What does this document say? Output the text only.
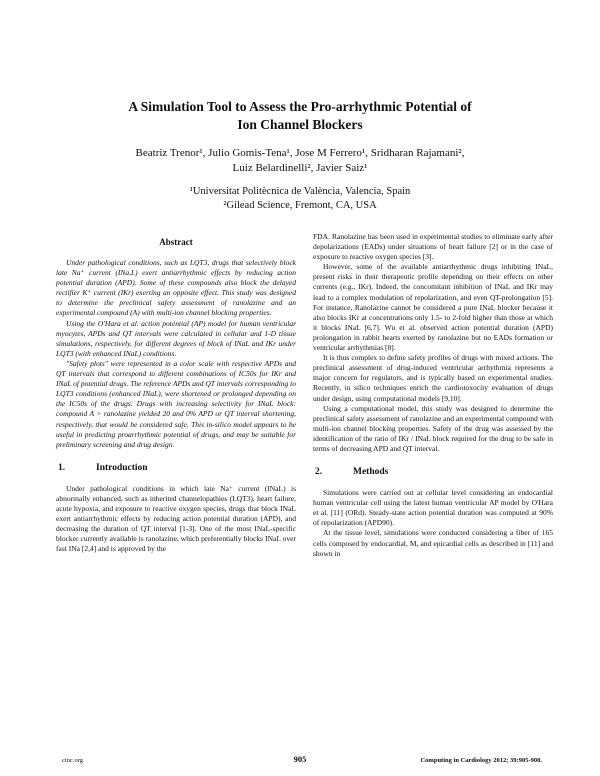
A Simulation Tool to Assess the Pro-arrhythmic Potential of
Ion Channel Blockers
Beatriz Trenor¹, Julio Gomis-Tena¹, Jose M Ferrero¹, Sridharan Rajamani²,
Luiz Belardinelli², Javier Saiz¹
¹Universitat Politècnica de València, Valencia, Spain
²Gilead Science, Fremont, CA, USA
Abstract

Under pathological conditions, such as LQT3, drugs that selectively block late Na⁺ current (INa,L) exert antiarrhythmic effects by reducing action potential duration (APD). Some of these compounds also block the delayed rectifier K⁺ current (IKr) exerting an opposite effect. This study was designed to determine the preclinical safety assessment of ranolazine and an experimental compound (A) with multi-ion channel blocking properties.

Using the O'Hara et al. action potential (AP) model for human ventricular myocytes, APDs and QT intervals were calculated in cellular and 1-D tissue simulations, respectively, for different degrees of block of INaL and IKr under LQT3 (with enhanced INaL) conditions.

"Safety plots" were represented in a color scale with respective APDs and QT intervals that correspond to different combinations of IC50s for IKr and INaL of potential drugs. The reference APDs and QT intervals corresponding to LQT3 conditions (enhanced INaL), were shortened or prolonged depending on the IC50s of the drugs. Drugs with increasing selectivity for INaL block: compound A > ranolazine yielded 20 and 0% APD or QT interval shortening, respectively, that would be considered safe. This in-silico model appears to be useful in predicting proarrhythmic potential of drugs, and may be suitable for preliminary screening and drug design.

1.	Introduction

Under pathological conditions in which late Na⁺ current (INaL) is abnormally enhanced, such as inherited channelopathies (LQT3), heart failure, acute hypoxia, and exposure to reactive oxygen species, drugs that block INaL exert antiarrhythmic effects by reducing action potential duration (APD), and decreasing the duration of QT interval [1-3]. One of the most INaL-specific blocker currently available is ranolazine, which preferentially blocks INaL over fast INa [2,4] and is approved by the

FDA. Ranolazine has been used in experimental studies to eliminate early after depolarizations (EADs) under situations of heart failure [2] or in the case of exposure to reactive oxygen species [3].

However, some of the available antiarrhythmic drugs inhibiting INaL, present risks in their therapeutic profile depending on their effects on other currents (e.g., IKr). Indeed, the concomitant inhibition of INaL and IKr may lead to a complex modulation of repolarization, and even QT-prolongation [5]. For instance, Ranolazine cannot be considered a pure INaL blocker because it also blocks IKr at concentrations only 1.5- to 2-fold higher than those at which it blocks INaL [6,7]. Wu et al. observed action potential duration (APD) prolongation in rabbit hearts exerted by ranolazine but no EADs formation or ventricular arrhythmias [8].

It is thus complex to define safety profiles of drugs with mixed actions. The preclinical assessment of drug-induced ventricular arrhythmia represents a major concern for regulators, and is typically based on experimental studies. Recently, in silico techniques enrich the cardiotoxocity evaluation of drugs under design, using computational models [9,10].

Using a computational model, this study was designed to determine the preclinical safety assessment of ranolazine and an experimental compound with multi-ion channel blocking properties. Safety of the drug was assessed by the identification of the ratio of IKr / INaL block required for the drug to be safe in terms of decreasing APD and QT interval.

2.	Methods

Simulations were carried out at cellular level considering an endocardial human ventricular cell using the latest human ventricular AP model by O'Hara et al. [11] (ORd). Steady-state action potential duration was computed at 90% of repolarization (APD90).

At the tissue level, simulations were conducted considering a fiber of 165 cells composed by endocardial, M, and epicardial cells as described in [11] and shown in

cinc.org	905	Computing in Cardiology 2012; 39:905-908.
